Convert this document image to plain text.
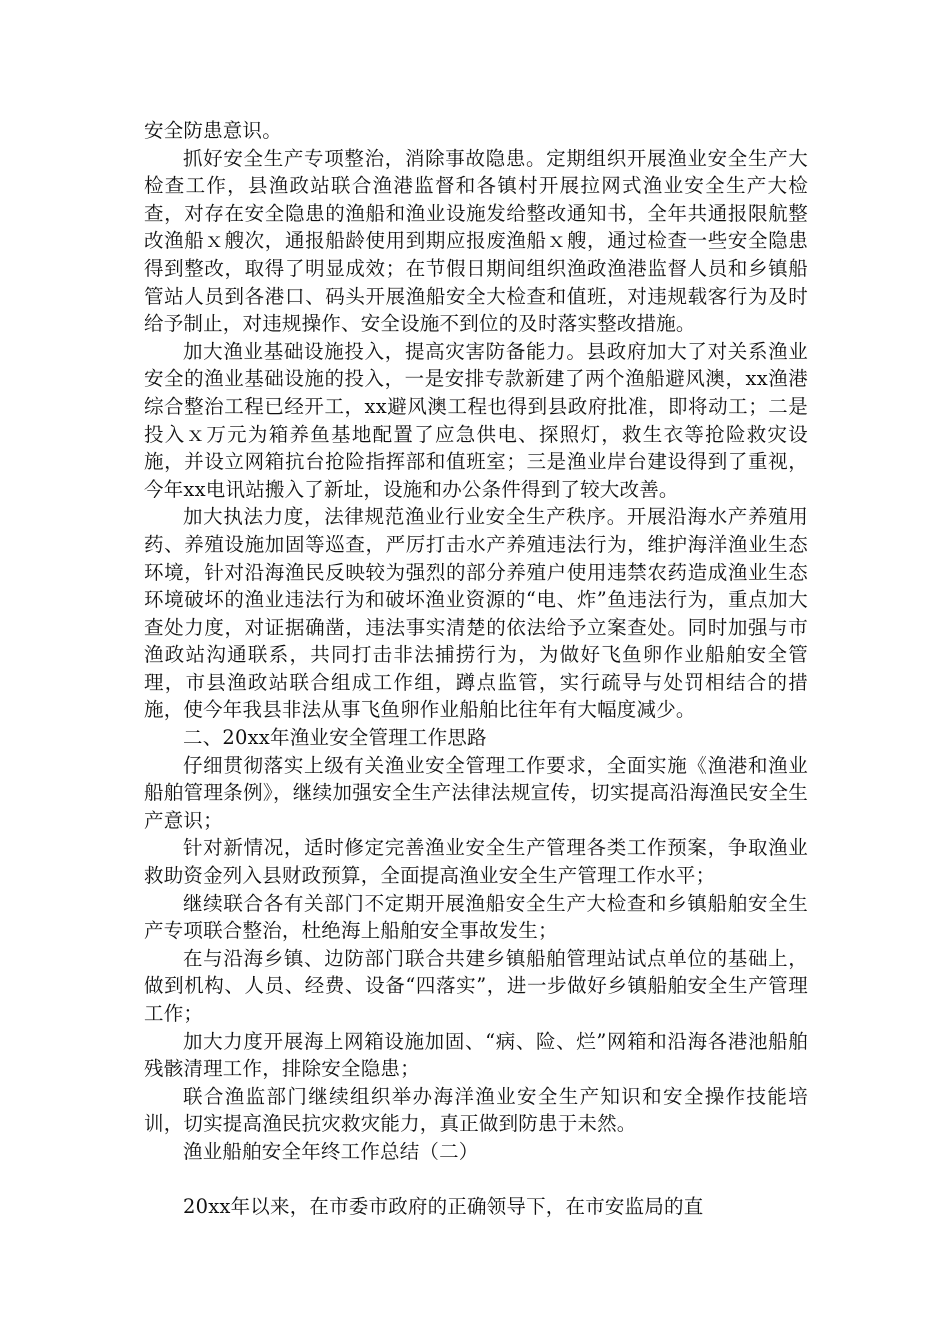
安全防患意识。

抓好安全生产专项整治，消除事故隐患。定期组织开展渔业安全生产大检查工作，县渔政站联合渔港监督和各镇村开展拉网式渔业安全生产大检查，对存在安全隐患的渔船和渔业设施发给整改通知书，全年共通报限航整改渔船ｘ艘次，通报船龄使用到期应报废渔船ｘ艘，通过检查一些安全隐患得到整改，取得了明显成效；在节假日期间组织渔政渔港监督人员和乡镇船管站人员到各港口、码头开展渔船安全大检查和值班，对违规载客行为及时给予制止，对违规操作、安全设施不到位的及时落实整改措施。

加大渔业基础设施投入，提高灾害防备能力。县政府加大了对关系渔业安全的渔业基础设施的投入，一是安排专款新建了两个渔船避风澳，xx渔港综合整治工程已经开工，xx避风澳工程也得到县政府批准，即将动工；二是投入ｘ万元为箱养鱼基地配置了应急供电、探照灯，救生衣等抢险救灾设施，并设立网箱抗台抢险指挥部和值班室；三是渔业岸台建设得到了重视，今年xx电讯站搬入了新址，设施和办公条件得到了较大改善。

加大执法力度，法律规范渔业行业安全生产秩序。开展沿海水产养殖用药、养殖设施加固等巡查，严厉打击水产养殖违法行为，维护海洋渔业生态环境，针对沿海渔民反映较为强烈的部分养殖户使用违禁农药造成渔业生态环境破坏的渔业违法行为和破坏渔业资源的“电、炸”鱼违法行为，重点加大查处力度，对证据确凿，违法事实清楚的依法给予立案查处。同时加强与市渔政站沟通联系，共同打击非法捕捞行为，为做好飞鱼卵作业船舶安全管理，市县渔政站联合组成工作组，蹲点监管，实行疏导与处罚相结合的措施，使今年我县非法从事飞鱼卵作业船舶比往年有大幅度减少。

二、20xx年渔业安全管理工作思路

仔细贯彻落实上级有关渔业安全管理工作要求，全面实施《渔港和渔业船舶管理条例》，继续加强安全生产法律法规宣传，切实提高沿海渔民安全生产意识；

针对新情况，适时修定完善渔业安全生产管理各类工作预案，争取渔业救助资金列入县财政预算，全面提高渔业安全生产管理工作水平；

继续联合各有关部门不定期开展渔船安全生产大检查和乡镇船舶安全生产专项联合整治，杜绝海上船舶安全事故发生；

在与沿海乡镇、边防部门联合共建乡镇船舶管理站试点单位的基础上，做到机构、人员、经费、设备“四落实”，进一步做好乡镇船舶安全生产管理工作；

加大力度开展海上网箱设施加固、“病、险、烂”网箱和沿海各港池船舶残骸清理工作，排除安全隐患；

联合渔监部门继续组织举办海洋渔业安全生产知识和安全操作技能培训，切实提高渔民抗灾救灾能力，真正做到防患于未然。

渔业船舶安全年终工作总结（二）

20xx年以来，在市委市政府的正确领导下，在市安监局的直
